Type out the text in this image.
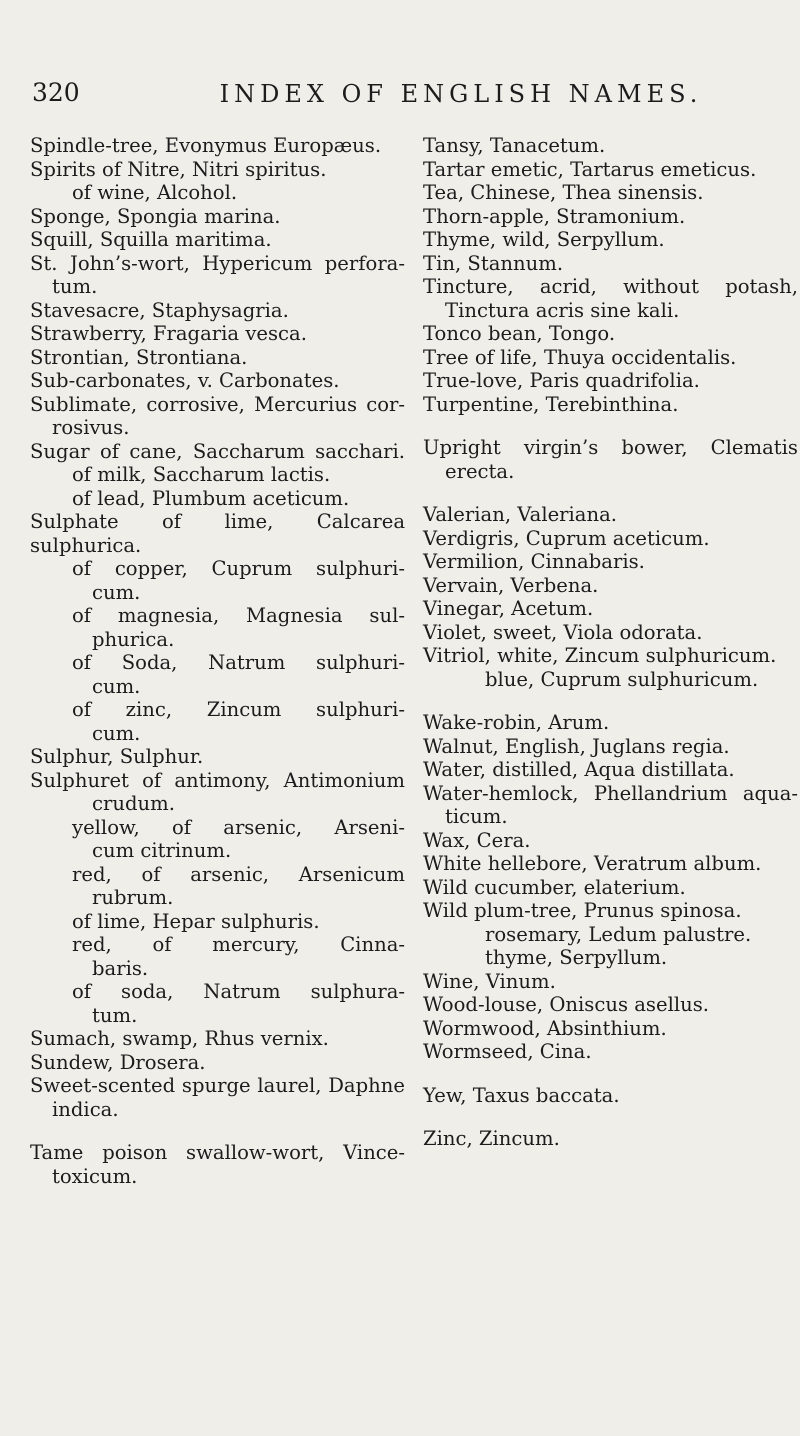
320	INDEX OF ENGLISH NAMES.

Spindle-tree, Evonymus Europæus.

Spirits of Nitre, Nitri spiritus.

of wine, Alcohol.

Sponge, Spongia marina.

Squill, Squilla maritima.

St. John’s-wort, Hypericum perfora-

tum.

Stavesacre, Staphysagria.

Strawberry, Fragaria vesca.

Strontian, Strontiana.

Sub-carbonates, v. Carbonates.

Sublimate, corrosive, Mercurius cor-

rosivus.

Sugar of cane, Saccharum sacchari.

of milk, Saccharum lactis.

of lead, Plumbum aceticum.

Sulphate of lime, Calcarea sulphurica.

of copper, Cuprum sulphuri-

cum.

of magnesia, Magnesia sul-

phurica.

of Soda, Natrum sulphuri-

cum.

of zinc, Zincum sulphuri-

cum.

Sulphur, Sulphur.

Sulphuret of antimony, Antimonium

crudum.

yellow, of arsenic, Arseni-

cum citrinum.

red, of arsenic, Arsenicum

rubrum.

of lime, Hepar sulphuris.

red, of mercury, Cinna-

baris.

of soda, Natrum sulphura-

tum.

Sumach, swamp, Rhus vernix.

Sundew, Drosera.

Sweet-scented spurge laurel, Daphne

indica.

Tame poison swallow-wort, Vince-

toxicum.

Tansy, Tanacetum.

Tartar emetic, Tartarus emeticus.

Tea, Chinese, Thea sinensis.

Thorn-apple, Stramonium.

Thyme, wild, Serpyllum.

Tin, Stannum.

Tincture, acrid, without potash,

Tinctura acris sine kali.

Tonco bean, Tongo.

Tree of life, Thuya occidentalis.

True-love, Paris quadrifolia.

Turpentine, Terebinthina.

Upright virgin’s bower, Clematis

erecta.

Valerian, Valeriana.

Verdigris, Cuprum aceticum.

Vermilion, Cinnabaris.

Vervain, Verbena.

Vinegar, Acetum.

Violet, sweet, Viola odorata.

Vitriol, white, Zincum sulphuricum.

blue, Cuprum sulphuricum.

Wake-robin, Arum.

Walnut, English, Juglans regia.

Water, distilled, Aqua distillata.

Water-hemlock, Phellandrium aqua-

ticum.

Wax, Cera.

White hellebore, Veratrum album.

Wild cucumber, elaterium.

Wild plum-tree, Prunus spinosa.

rosemary, Ledum palustre.

thyme, Serpyllum.

Wine, Vinum.

Wood-louse, Oniscus asellus.

Wormwood, Absinthium.

Wormseed, Cina.

Yew, Taxus baccata.

Zinc, Zincum.
